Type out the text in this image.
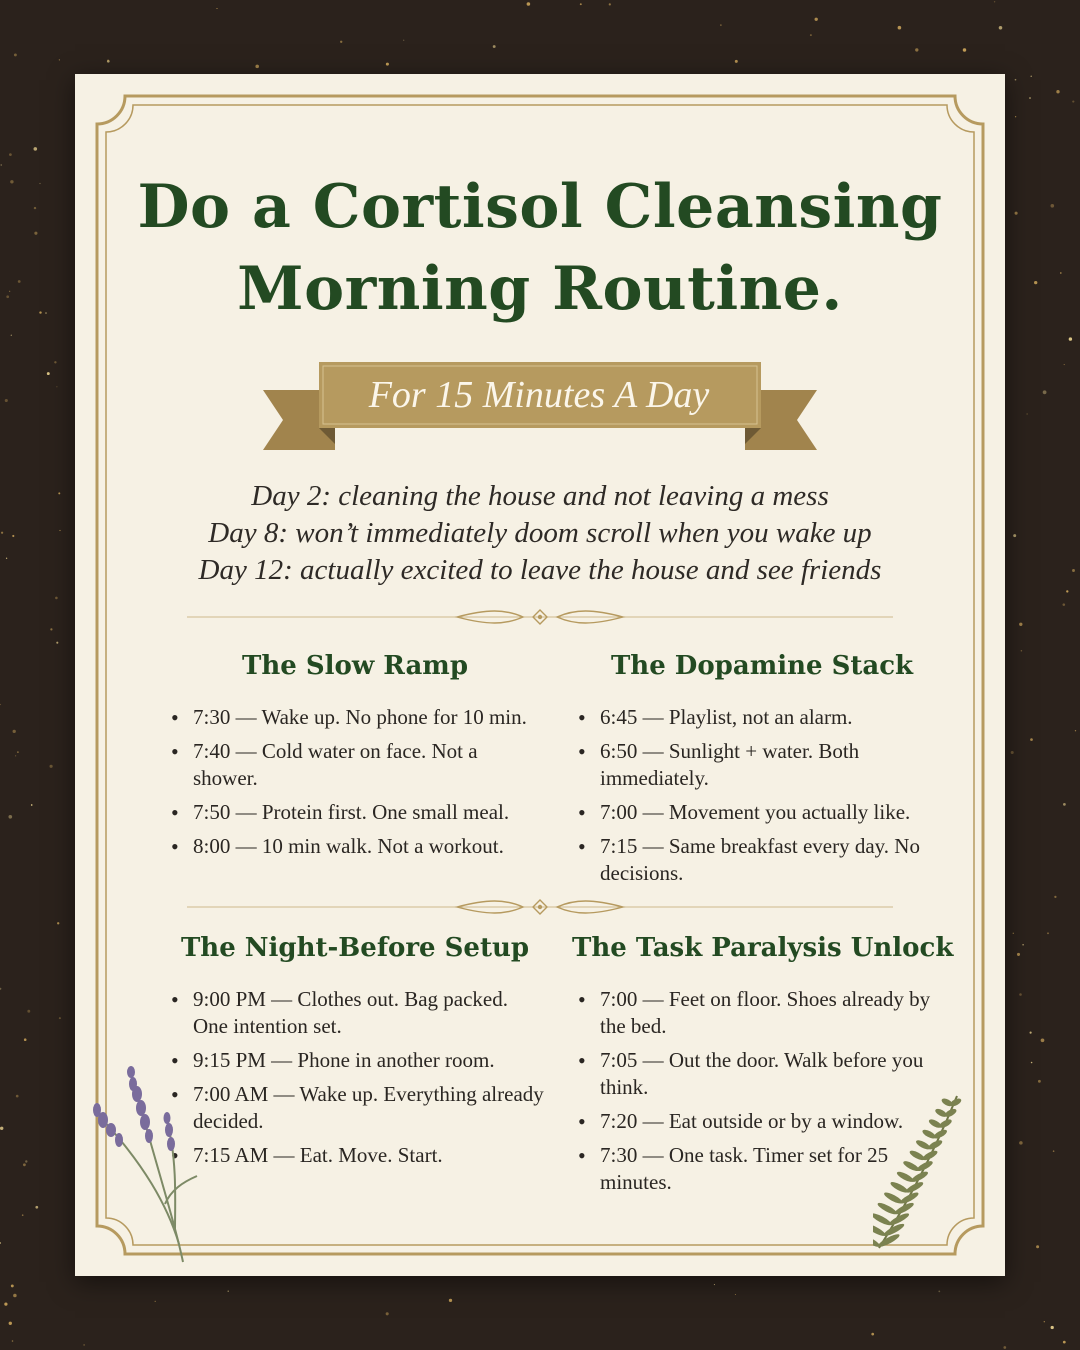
Do a Cortisol Cleansing
Morning Routine.
For 15 Minutes A Day
Day 2: cleaning the house and not leaving a mess
Day 8: won’t immediately doom scroll when you wake up
Day 12: actually excited to leave the house and see friends
The Slow Ramp
• 7:30 — Wake up. No phone for 10 min.
• 7:40 — Cold water on face. Not a shower.
• 7:50 — Protein first. One small meal.
• 8:00 — 10 min walk. Not a workout.
The Dopamine Stack
• 6:45 — Playlist, not an alarm.
• 6:50 — Sunlight + water. Both immediately.
• 7:00 — Movement you actually like.
• 7:15 — Same breakfast every day. No decisions.
The Night-Before Setup
• 9:00 PM — Clothes out. Bag packed. One intention set.
• 9:15 PM — Phone in another room.
• 7:00 AM — Wake up. Everything already decided.
• 7:15 AM — Eat. Move. Start.
The Task Paralysis Unlock
• 7:00 — Feet on floor. Shoes already by the bed.
• 7:05 — Out the door. Walk before you think.
• 7:20 — Eat outside or by a window.
• 7:30 — One task. Timer set for 25 minutes.
